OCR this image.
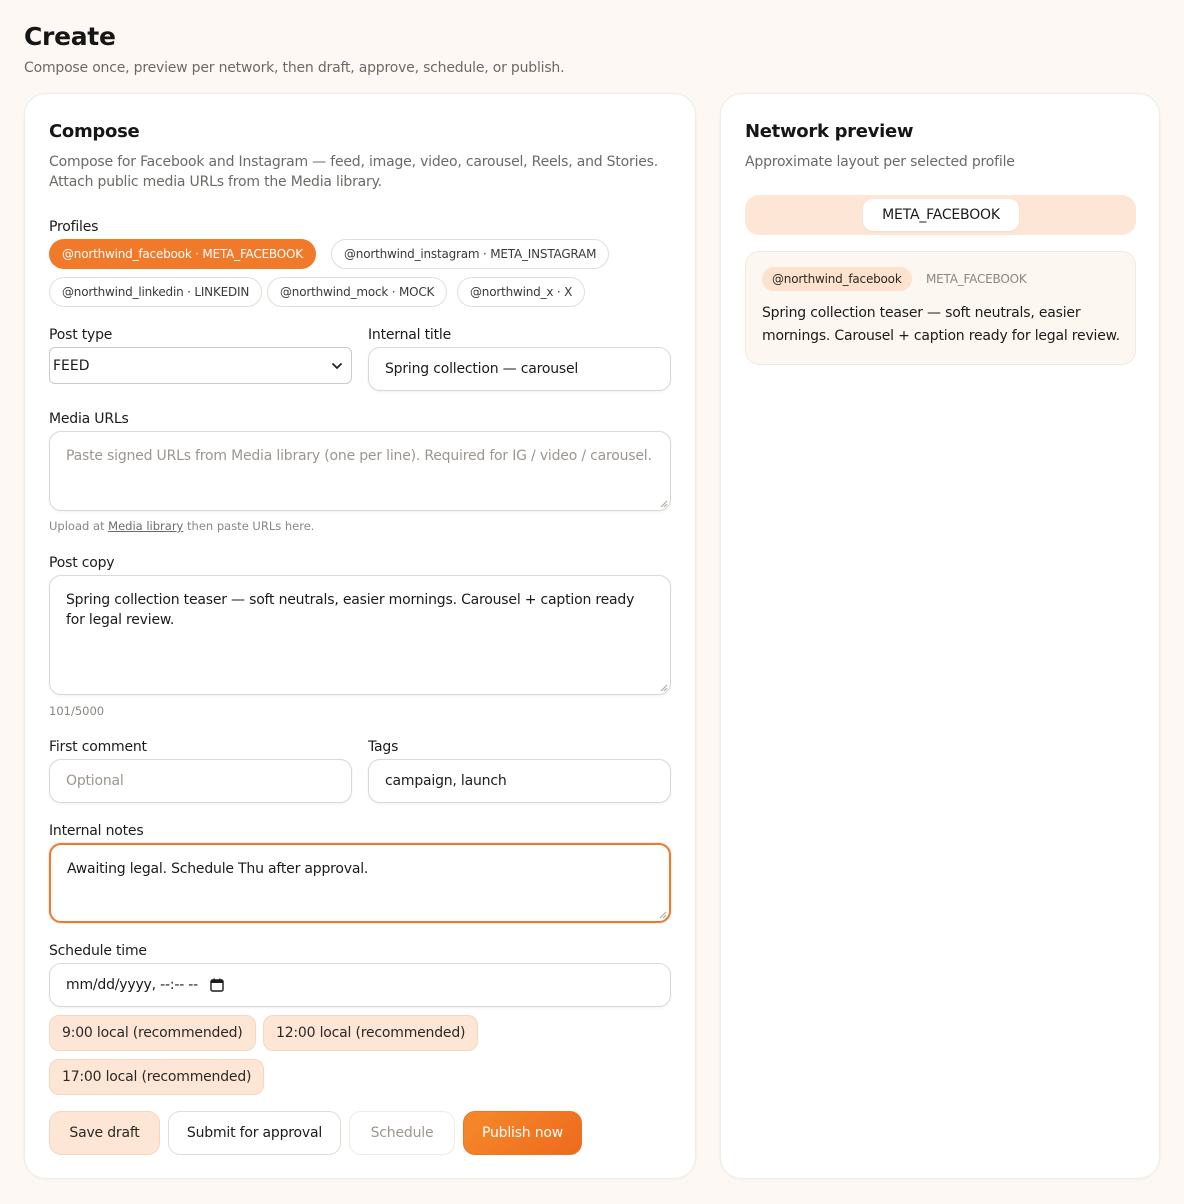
Create
Compose once, preview per network, then draft, approve, schedule, or publish.
Compose
Compose for Facebook and Instagram — feed, image, video, carousel, Reels, and Stories.
Attach public media URLs from the Media library.
Profiles
@northwind_facebook · META_FACEBOOK	@northwind_instagram · META_INSTAGRAM
@northwind_linkedin · LINKEDIN	@northwind_mock · MOCK	@northwind_x · X
Post type
FEED
Internal title
Spring collection — carousel
Media URLs
Paste signed URLs from Media library (one per line). Required for IG / video / carousel.
Upload at Media library then paste URLs here.
Post copy
Spring collection teaser — soft neutrals, easier mornings. Carousel + caption ready for legal review.
101/5000
First comment
Optional
Tags
campaign, launch
Internal notes
Awaiting legal. Schedule Thu after approval.
Schedule time
mm/dd/yyyy, --:-- --
9:00 local (recommended)	12:00 local (recommended)
17:00 local (recommended)
Save draft	Submit for approval	Schedule	Publish now
Network preview
Approximate layout per selected profile
META_FACEBOOK
@northwind_facebook	META_FACEBOOK
Spring collection teaser — soft neutrals, easier mornings. Carousel + caption ready for legal review.
